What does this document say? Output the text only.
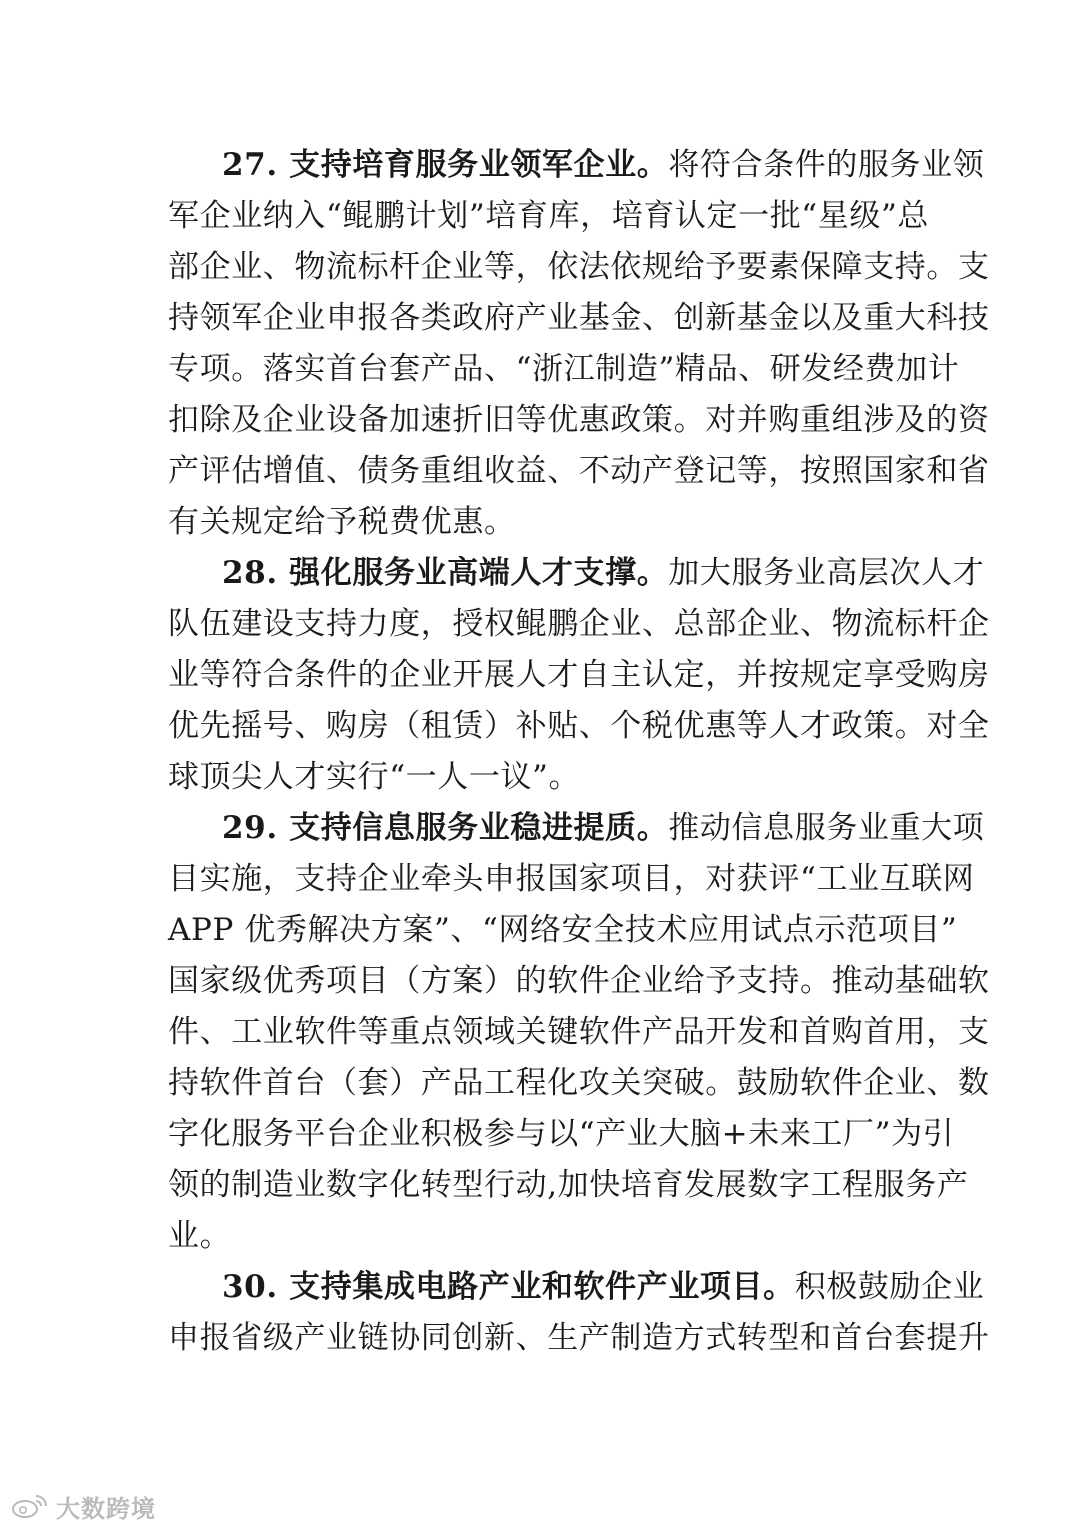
27. 支持培育服务业领军企业。将符合条件的服务业领
军企业纳入“鲲鹏计划”培育库，培育认定一批“星级”总
部企业、物流标杆企业等，依法依规给予要素保障支持。支
持领军企业申报各类政府产业基金、创新基金以及重大科技
专项。落实首台套产品、“浙江制造”精品、研发经费加计
扣除及企业设备加速折旧等优惠政策。对并购重组涉及的资
产评估增值、债务重组收益、不动产登记等，按照国家和省
有关规定给予税费优惠。
28. 强化服务业高端人才支撑。加大服务业高层次人才
队伍建设支持力度，授权鲲鹏企业、总部企业、物流标杆企
业等符合条件的企业开展人才自主认定，并按规定享受购房
优先摇号、购房（租赁）补贴、个税优惠等人才政策。对全
球顶尖人才实行“一人一议”。
29. 支持信息服务业稳进提质。推动信息服务业重大项
目实施，支持企业牵头申报国家项目，对获评“工业互联网
APP 优秀解决方案”、“网络安全技术应用试点示范项目”
国家级优秀项目（方案）的软件企业给予支持。推动基础软
件、工业软件等重点领域关键软件产品开发和首购首用，支
持软件首台（套）产品工程化攻关突破。鼓励软件企业、数
字化服务平台企业积极参与以“产业大脑+未来工厂”为引
领的制造业数字化转型行动,加快培育发展数字工程服务产
业。
30. 支持集成电路产业和软件产业项目。积极鼓励企业
申报省级产业链协同创新、生产制造方式转型和首台套提升
大数跨境
